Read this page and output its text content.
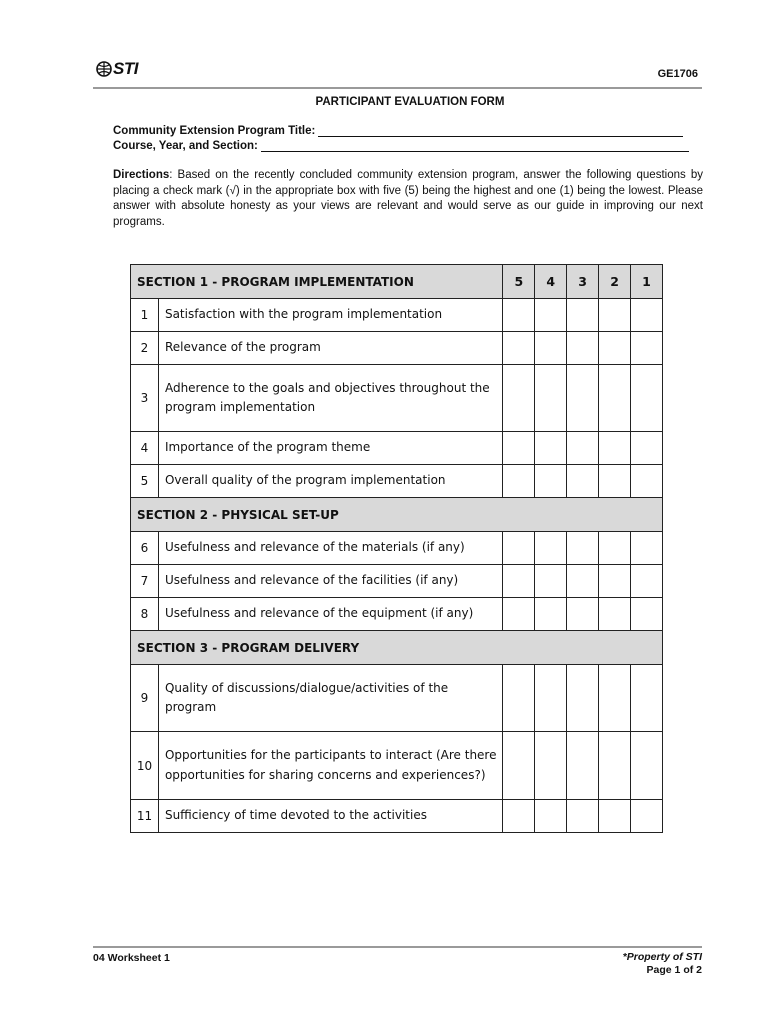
STI	GE1706
PARTICIPANT EVALUATION FORM
Community Extension Program Title:
Course, Year, and Section:
Directions: Based on the recently concluded community extension program, answer the following questions by placing a check mark (√) in the appropriate box with five (5) being the highest and one (1) being the lowest. Please answer with absolute honesty as your views are relevant and would serve as our guide in improving our next programs.
SECTION 1 - PROGRAM IMPLEMENTATION		5	4	3	2	1
1	Satisfaction with the program implementation					
2	Relevance of the program					
3	Adherence to the goals and objectives throughout the program implementation					
4	Importance of the program theme					
5	Overall quality of the program implementation					
SECTION 2 - PHYSICAL SET-UP						
6	Usefulness and relevance of the materials (if any)					
7	Usefulness and relevance of the facilities (if any)					
8	Usefulness and relevance of the equipment (if any)					
SECTION 3 - PROGRAM DELIVERY						
9	Quality of discussions/dialogue/activities of the program					
10	Opportunities for the participants to interact (Are there opportunities for sharing concerns and experiences?)					
11	Sufficiency of time devoted to the activities					
04 Worksheet 1	*Property of STI
Page 1 of 2
